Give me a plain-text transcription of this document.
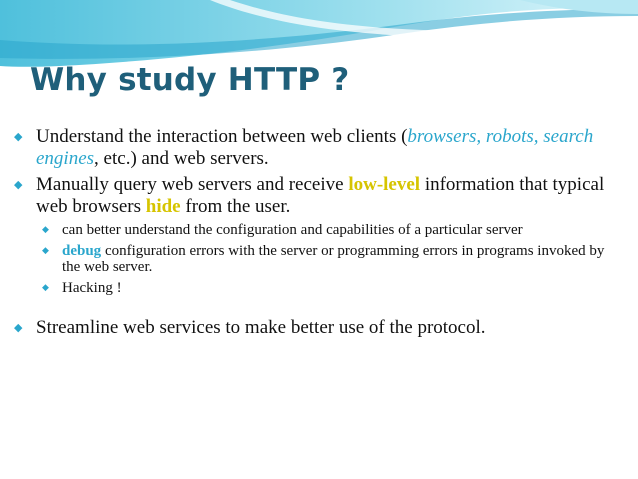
Why study HTTP ?
◆ Understand the interaction between web clients (browsers, robots, search engines, etc.) and web servers.
◆ Manually query web servers and receive low-level information that typical web browsers hide from the user.
◆ can better understand the configuration and capabilities of a particular server
◆ debug configuration errors with the server or programming errors in programs invoked by the web server.
◆ Hacking !
◆ Streamline web services to make better use of the protocol.
